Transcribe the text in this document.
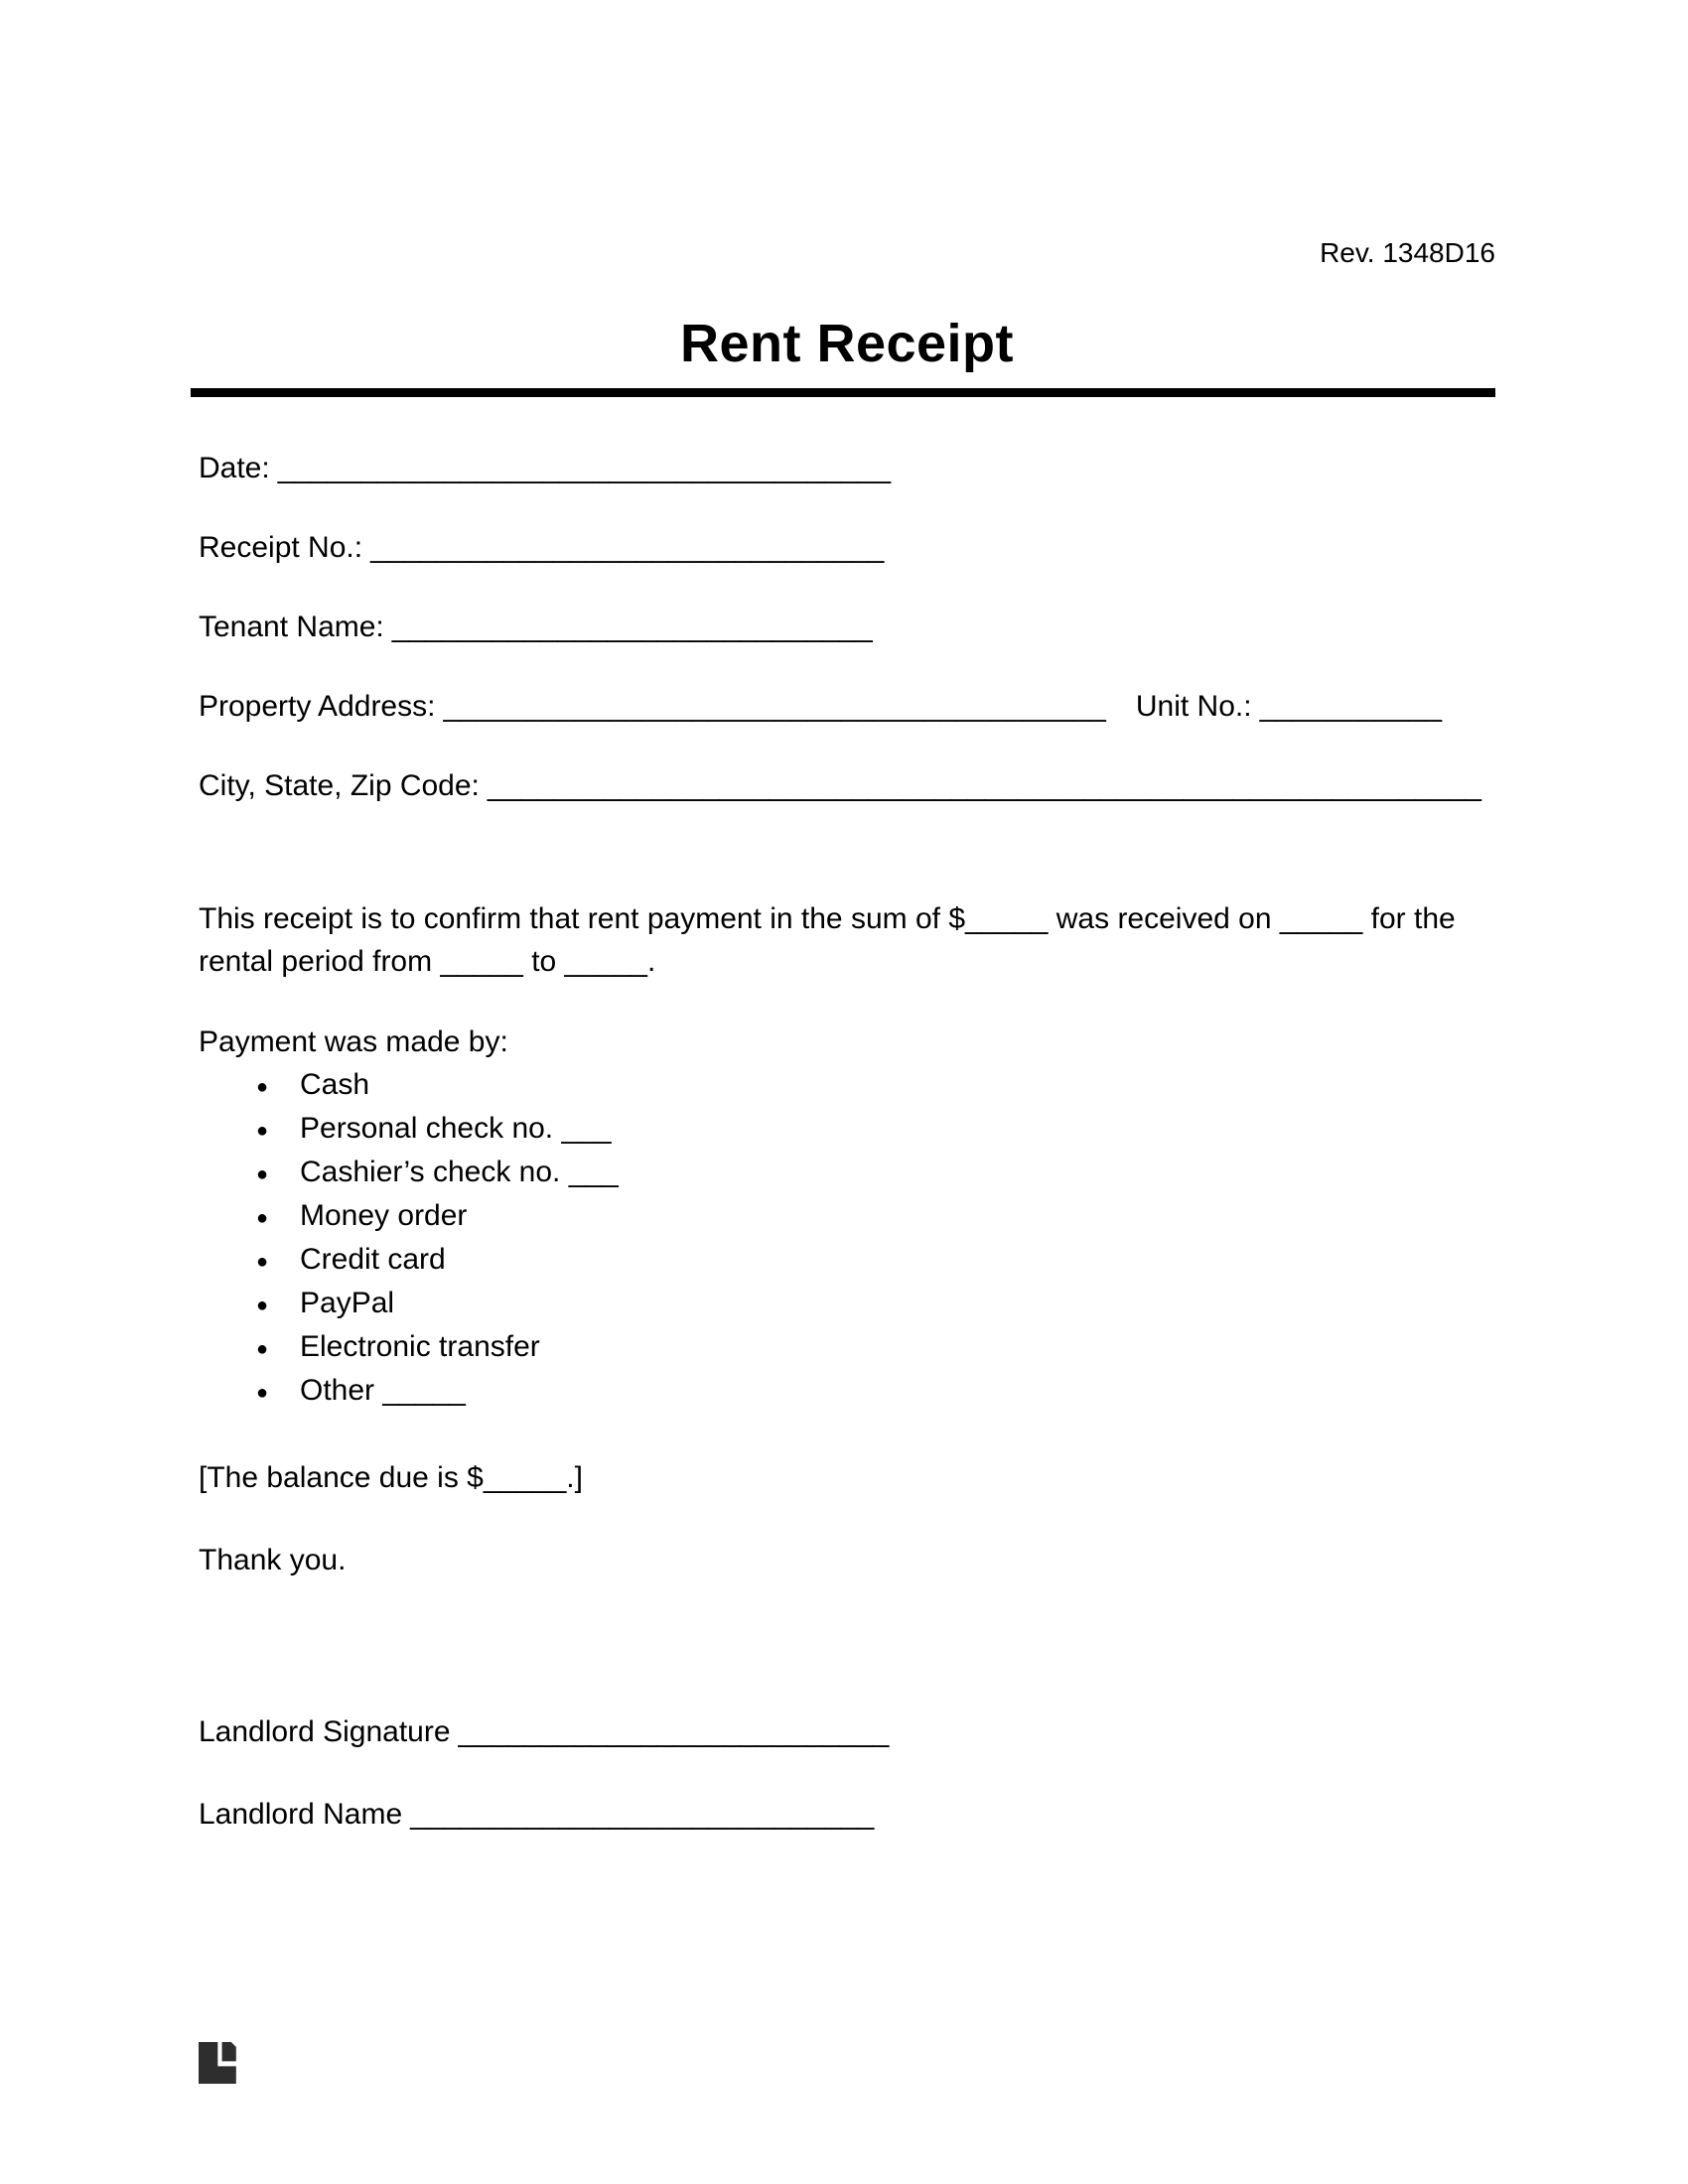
Rev. 1348D16
Rent Receipt
Date: _____________________________________
Receipt No.: _______________________________
Tenant Name: _____________________________
Property Address: ________________________________________ Unit No.: ___________
City, State, Zip Code: ____________________________________________________________

This receipt is to confirm that rent payment in the sum of $_____ was received on _____ for the rental period from _____ to _____.

Payment was made by:
● Cash
● Personal check no. ___
● Cashier’s check no. ___
● Money order
● Credit card
● PayPal
● Electronic transfer
● Other _____
[The balance due is $_____.]
Thank you.
Landlord Signature __________________________
Landlord Name ____________________________
